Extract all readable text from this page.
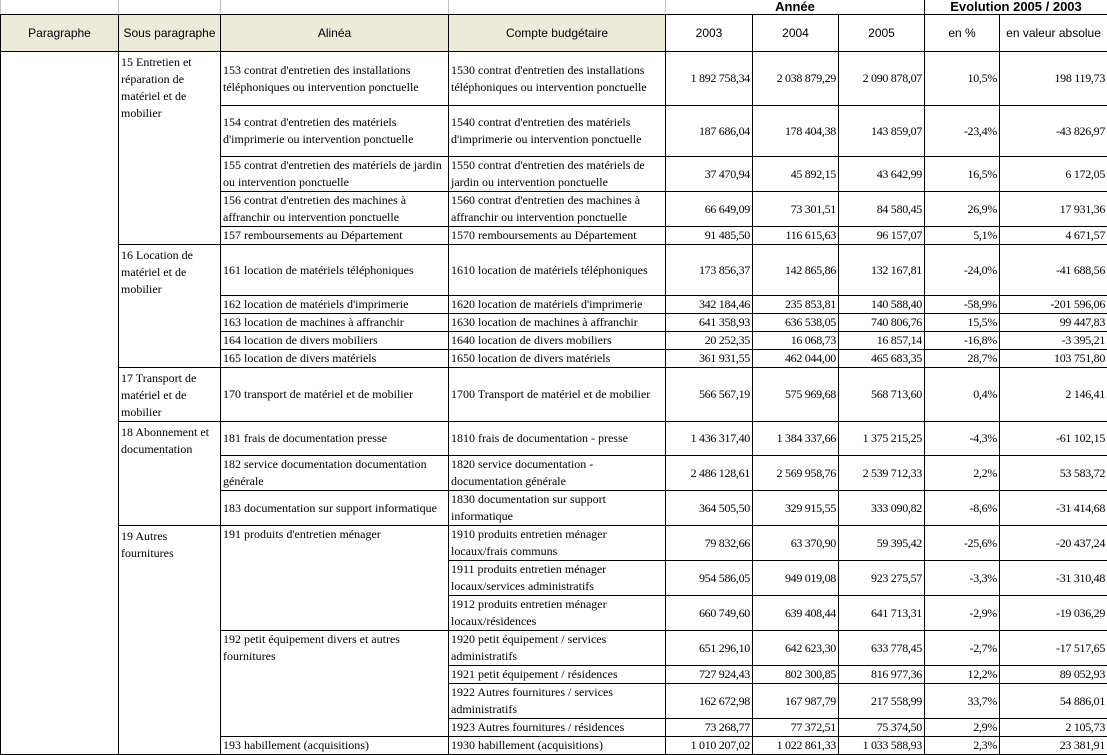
				Année			Evolution 2005 / 2003	
Paragraphe	Sous paragraphe	Alinéa	Compte budgétaire	2003	2004	2005	en %	en valeur absolue
	15 Entretien et réparation de matériel et de mobilier	153 contrat d'entretien des installations téléphoniques ou intervention ponctuelle	1530 contrat d'entretien des installations téléphoniques ou intervention ponctuelle	1 892 758,34	2 038 879,29	2 090 878,07	10,5%	198 119,73
		154 contrat d'entretien des matériels d'imprimerie ou intervention ponctuelle	1540 contrat d'entretien des matériels d'imprimerie ou intervention ponctuelle	187 686,04	178 404,38	143 859,07	-23,4%	-43 826,97
		155 contrat d'entretien des matériels de jardin ou intervention ponctuelle	1550 contrat d'entretien des matériels de jardin ou intervention ponctuelle	37 470,94	45 892,15	43 642,99	16,5%	6 172,05
		156 contrat d'entretien des machines à affranchir ou intervention ponctuelle	1560 contrat d'entretien des machines à affranchir ou intervention ponctuelle	66 649,09	73 301,51	84 580,45	26,9%	17 931,36
		157 remboursements au Département	1570 remboursements au Département	91 485,50	116 615,63	96 157,07	5,1%	4 671,57
	16 Location de matériel et de mobilier	161 location de matériels téléphoniques	1610 location de matériels téléphoniques	173 856,37	142 865,86	132 167,81	-24,0%	-41 688,56
		162 location de matériels d'imprimerie	1620 location de matériels d'imprimerie	342 184,46	235 853,81	140 588,40	-58,9%	-201 596,06
		163 location de machines à affranchir	1630 location de machines à affranchir	641 358,93	636 538,05	740 806,76	15,5%	99 447,83
		164 location de divers mobiliers	1640 location de divers mobiliers	20 252,35	16 068,73	16 857,14	-16,8%	-3 395,21
		165 location de divers matériels	1650 location de divers matériels	361 931,55	462 044,00	465 683,35	28,7%	103 751,80
	17 Transport de matériel et de mobilier	170 transport de matériel et de mobilier	1700 Transport de matériel et de mobilier	566 567,19	575 969,68	568 713,60	0,4%	2 146,41
	18 Abonnement et documentation	181 frais de documentation presse	1810 frais de documentation - presse	1 436 317,40	1 384 337,66	1 375 215,25	-4,3%	-61 102,15
		182 service documentation documentation générale	1820 service documentation - documentation générale	2 486 128,61	2 569 958,76	2 539 712,33	2,2%	53 583,72
		183 documentation sur support informatique	1830 documentation sur support informatique	364 505,50	329 915,55	333 090,82	-8,6%	-31 414,68
	19 Autres fournitures	191 produits d'entretien ménager	1910 produits entretien ménager locaux/frais communs	79 832,66	63 370,90	59 395,42	-25,6%	-20 437,24
			1911 produits entretien ménager locaux/services administratifs	954 586,05	949 019,08	923 275,57	-3,3%	-31 310,48
			1912 produits entretien ménager locaux/résidences	660 749,60	639 408,44	641 713,31	-2,9%	-19 036,29
		192 petit équipement divers et autres fournitures	1920 petit équipement / services administratifs	651 296,10	642 623,30	633 778,45	-2,7%	-17 517,65
			1921 petit équipement / résidences	727 924,43	802 300,85	816 977,36	12,2%	89 052,93
			1922 Autres fournitures / services administratifs	162 672,98	167 987,79	217 558,99	33,7%	54 886,01
			1923 Autres fournitures / résidences	73 268,77	77 372,51	75 374,50	2,9%	2 105,73
		193 habillement (acquisitions)	1930 habillement (acquisitions)	1 010 207,02	1 022 861,33	1 033 588,93	2,3%	23 381,91
